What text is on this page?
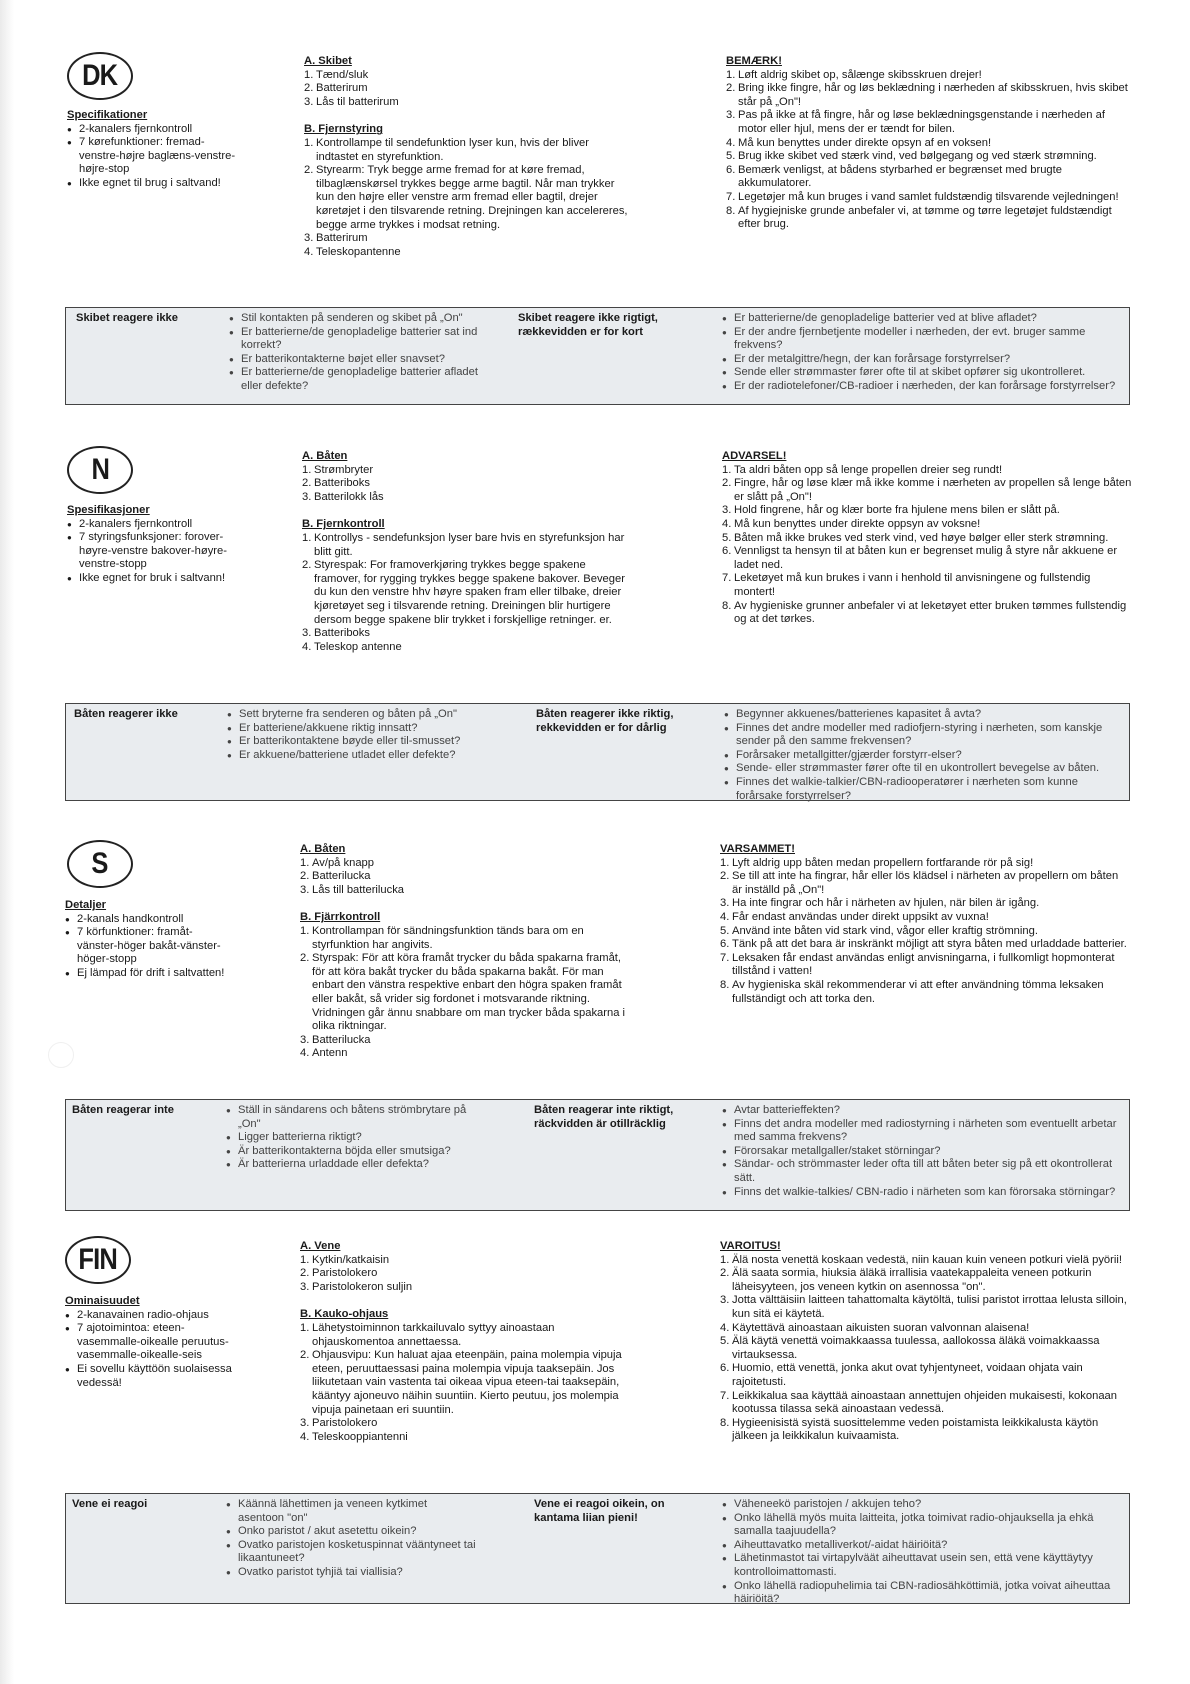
DK
Specifikationer
● 2-kanalers fjernkontroll
● 7 kørefunktioner: fremad-venstre-højre baglæns-venstre-højre-stop
● Ikke egnet til brug i saltvand!
A. Skibet
1. Tænd/sluk
2. Batterirum
3. Lås til batterirum
B. Fjernstyring
1. Kontrollampe til sendefunktion lyser kun, hvis der bliver indtastet en styrefunktion.
2. Styrearm: Tryk begge arme fremad for at køre fremad, tilbaglænskørsel trykkes begge arme bagtil. Når man trykker kun den højre eller venstre arm fremad eller bagtil, drejer køretøjet i den tilsvarende retning. Drejningen kan accelereres, begge arme trykkes i modsat retning.
3. Batterirum
4. Teleskopantenne
BEMÆRK!
1. Løft aldrig skibet op, sålænge skibsskruen drejer!
2. Bring ikke fingre, hår og løs beklædning i nærheden af skibsskruen, hvis skibet står på „On"!
3. Pas på ikke at få fingre, hår og løse beklædningsgenstande i nærheden af motor eller hjul, mens der er tændt for bilen.
4. Må kun benyttes under direkte opsyn af en voksen!
5. Brug ikke skibet ved stærk vind, ved bølgegang og ved stærk strømning.
6. Bemærk venligst, at bådens styrbarhed er begrænset med brugte akkumulatorer.
7. Legetøjer må kun bruges i vand samlet fuldstændig tilsvarende vejledningen!
8. Af hygiejniske grunde anbefaler vi, at tømme og tørre legetøjet fuldstændigt efter brug.
Skibet reagere ikke	● Stil kontakten på senderen og skibet på „On"
● Er batterierne/de genopladelige batterier sat ind korrekt?
● Er batterikontakterne bøjet eller snavset?
● Er batterierne/de genopladelige batterier afladet eller defekte?
Skibet reagere ikke rigtigt, rækkevidden er for kort
● Er batterierne/de genopladelige batterier ved at blive afladet?
● Er der andre fjernbetjente modeller i nærheden, der evt. bruger samme frekvens?
● Er der metalgittre/hegn, der kan forårsage forstyrrelser?
● Sende eller strømmaster fører ofte til at skibet opfører sig ukontrolleret.
● Er der radiotelefoner/CB-radioer i nærheden, der kan forårsage forstyrrelser?
N
Spesifikasjoner
● 2-kanalers fjernkontroll
● 7 styringsfunksjoner: forover-høyre-venstre bakover-høyre-venstre-stopp
● Ikke egnet for bruk i saltvann!
A. Båten
1. Strømbryter
2. Batteriboks
3. Batterilokk lås
B. Fjernkontroll
1. Kontrollys - sendefunksjon lyser bare hvis en styrefunksjon har blitt gitt.
2. Styrespak: For framoverkjøring trykkes begge spakene framover, for rygging trykkes begge spakene bakover. Beveger du kun den venstre hhv høyre spaken fram eller tilbake, dreier kjøretøyet seg i tilsvarende retning. Dreiningen blir hurtigere dersom begge spakene blir trykket i forskjellige retninger. er.
3. Batteriboks
4. Teleskop antenne
ADVARSEL!
1. Ta aldri båten opp så lenge propellen dreier seg rundt!
2. Fingre, hår og løse klær må ikke komme i nærheten av propellen så lenge båten er slått på „On"!
3. Hold fingrene, hår og klær borte fra hjulene mens bilen er slått på.
4. Må kun benyttes under direkte oppsyn av voksne!
5. Båten må ikke brukes ved sterk vind, ved høye bølger eller sterk strømning.
6. Vennligst ta hensyn til at båten kun er begrenset mulig å styre når akkuene er ladet ned.
7. Leketøyet må kun brukes i vann i henhold til anvisningene og fullstendig montert!
8. Av hygieniske grunner anbefaler vi at leketøyet etter bruken tømmes fullstendig og at det tørkes.
Båten reagerer ikke	● Sett bryterne fra senderen og båten på „On"
● Er batteriene/akkuene riktig innsatt?
● Er batterikontaktene bøyde eller til-smusset?
● Er akkuene/batteriene utladet eller defekte?
Båten reagerer ikke riktig, rekkevidden er for dårlig
● Begynner akkuenes/batterienes kapasitet å avta?
● Finnes det andre modeller med radiofjern-styring i nærheten, som kanskje sender på den samme frekvensen?
● Forårsaker metallgitter/gjærder forstyrr-elser?
● Sende- eller strømmaster fører ofte til en ukontrollert bevegelse av båten.
● Finnes det walkie-talkier/CBN-radiooperatører i nærheten som kunne forårsake forstyrrelser?
S
Detaljer
● 2-kanals handkontroll
● 7 körfunktioner: framåt-vänster-höger bakåt-vänster-höger-stopp
● Ej lämpad för drift i saltvatten!
A. Båten
1. Av/på knapp
2. Batterilucka
3. Lås till batterilucka
B. Fjärrkontroll
1. Kontrollampan för sändningsfunktion tänds bara om en styrfunktion har angivits.
2. Styrspak: För att köra framåt trycker du båda spakarna framåt, för att köra bakåt trycker du båda spakarna bakåt. För man enbart den vänstra respektive enbart den högra spaken framåt eller bakåt, så vrider sig fordonet i motsvarande riktning. Vridningen går ännu snabbare om man trycker båda spakarna i olika riktningar.
3. Batterilucka
4. Antenn
VARSAMMET!
1. Lyft aldrig upp båten medan propellern fortfarande rör på sig!
2. Se till att inte ha fingrar, hår eller lös klädsel i närheten av propellern om båten är inställd på „On"!
3. Ha inte fingrar och hår i närheten av hjulen, när bilen är igång.
4. Får endast användas under direkt uppsikt av vuxna!
5. Använd inte båten vid stark vind, vågor eller kraftig strömning.
6. Tänk på att det bara är inskränkt möjligt att styra båten med urladdade batterier.
7. Leksaken får endast användas enligt anvisningarna, i fullkomligt hopmonterat tillstånd i vatten!
8. Av hygieniska skäl rekommenderar vi att efter användning tömma leksaken fullständigt och att torka den.
Båten reagerar inte	● Ställ in sändarens och båtens strömbrytare på „On"
● Ligger batterierna riktigt?
● Är batterikontakterna böjda eller smutsiga?
● Är batterierna urladdade eller defekta?
Båten reagerar inte riktigt, räckvidden är otillräcklig
● Avtar batterieffekten?
● Finns det andra modeller med radiostyrning i närheten som eventuellt arbetar med samma frekvens?
● Förorsakar metallgaller/staket störningar?
● Sändar- och strömmaster leder ofta till att båten beter sig på ett okontrollerat sätt.
● Finns det walkie-talkies/ CBN-radio i närheten som kan förorsaka störningar?
FIN
Ominaisuudet
● 2-kanavainen radio-ohjaus
● 7 ajotoimintoa: eteen-vasemmalle-oikealle peruutus-vasemmalle-oikealle-seis
● Ei sovellu käyttöön suolaisessa vedessä!
A. Vene
1. Kytkin/katkaisin
2. Paristolokero
3. Paristolokeron suljin
B. Kauko-ohjaus
1. Lähetystoiminnon tarkkailuvalo syttyy ainoastaan ohjauskomentoa annettaessa.
2. Ohjausvipu: Kun haluat ajaa eteenpäin, paina molempia vipuja eteen, peruuttaessasi paina molempia vipuja taaksepäin. Jos liikutetaan vain vastenta tai oikeaa vipua eteen-tai taaksepäin, kääntyy ajoneuvo näihin suuntiin. Kierto peutuu, jos molempia vipuja painetaan eri suuntiin.
3. Paristolokero
4. Teleskooppiantenni
VAROITUS!
1. Älä nosta venettä koskaan vedestä, niin kauan kuin veneen potkuri vielä pyörii!
2. Älä saata sormia, hiuksia äläkä irrallisia vaatekappaleita veneen potkurin läheisyyteen, jos veneen kytkin on asennossa "on".
3. Jotta välttäisiin laitteen tahattomalta käytöltä, tulisi paristot irrottaa lelusta silloin, kun sitä ei käytetä.
4. Käytettävä ainoastaan aikuisten suoran valvonnan alaisena!
5. Älä käytä venettä voimakkaassa tuulessa, aallokossa äläkä voimakkaassa virtauksessa.
6. Huomio, että venettä, jonka akut ovat tyhjentyneet, voidaan ohjata vain rajoitetusti.
7. Leikkikalua saa käyttää ainoastaan annettujen ohjeiden mukaisesti, kokonaan kootussa tilassa sekä ainoastaan vedessä.
8. Hygieenisistä syistä suosittelemme veden poistamista leikkikalusta käytön jälkeen ja leikkikalun kuivaamista.
Vene ei reagoi	● Käännä lähettimen ja veneen kytkimet asentoon "on"
● Onko paristot / akut asetettu oikein?
● Ovatko paristojen kosketuspinnat vääntyneet tai likaantuneet?
● Ovatko paristot tyhjiä tai viallisia?
Vene ei reagoi oikein, on kantama liian pieni!
● Väheneekö paristojen / akkujen teho?
● Onko lähellä myös muita laitteita, jotka toimivat radio-ohjauksella ja ehkä samalla taajuudella?
● Aiheuttavatko metalliverkot/-aidat häiriöitä?
● Lähetinmastot tai virtapylväät aiheuttavat usein sen, että vene käyttäytyy kontrolloimattomasti.
● Onko lähellä radiopuhelimia tai CBN-radiosähköttimiä, jotka voivat aiheuttaa häiriöitä?
